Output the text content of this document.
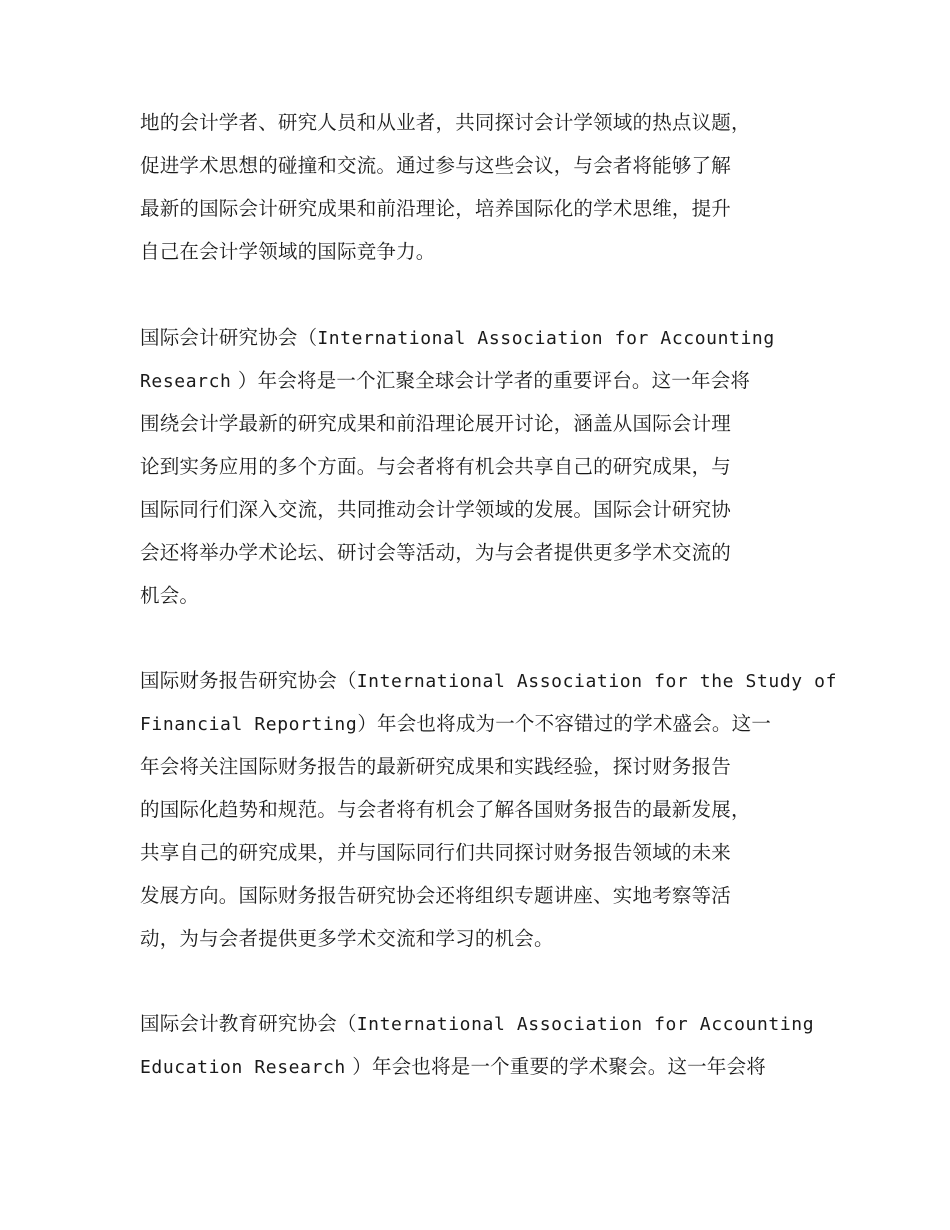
地的会计学者、研究人员和从业者，共同探讨会计学领域的热点议题，
促进学术思想的碰撞和交流。通过参与这些会议，与会者将能够了解
最新的国际会计研究成果和前沿理论，培养国际化的学术思维，提升
自己在会计学领域的国际竞争力。
国际会计研究协会（International Association for Accounting
Research ）年会将是一个汇聚全球会计学者的重要评台。这一年会将
围绕会计学最新的研究成果和前沿理论展开讨论，涵盖从国际会计理
论到实务应用的多个方面。与会者将有机会共享自己的研究成果，与
国际同行们深入交流，共同推动会计学领域的发展。国际会计研究协
会还将举办学术论坛、研讨会等活动，为与会者提供更多学术交流的
机会。
国际财务报告研究协会（International Association for the Study of
Financial Reporting）年会也将成为一个不容错过的学术盛会。这一
年会将关注国际财务报告的最新研究成果和实践经验，探讨财务报告
的国际化趋势和规范。与会者将有机会了解各国财务报告的最新发展，
共享自己的研究成果，并与国际同行们共同探讨财务报告领域的未来
发展方向。国际财务报告研究协会还将组织专题讲座、实地考察等活
动，为与会者提供更多学术交流和学习的机会。
国际会计教育研究协会（International Association for Accounting
Education Research ）年会也将是一个重要的学术聚会。这一年会将
